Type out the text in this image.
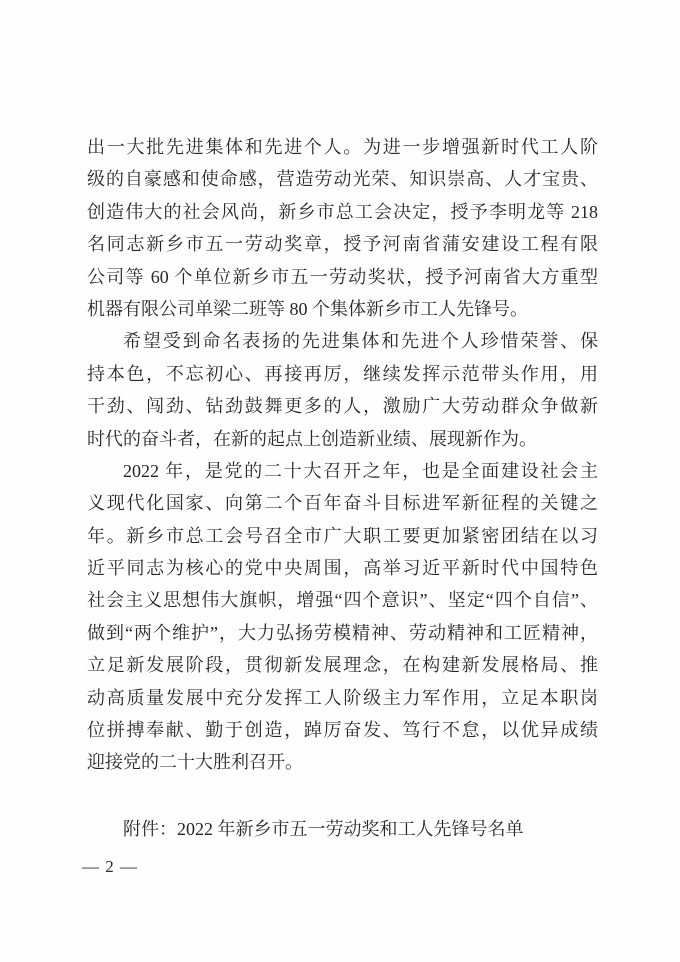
出一大批先进集体和先进个人。为进一步增强新时代工人阶
级的自豪感和使命感，营造劳动光荣、知识崇高、人才宝贵、
创造伟大的社会风尚，新乡市总工会决定，授予李明龙等 218
名同志新乡市五一劳动奖章，授予河南省蒲安建设工程有限
公司等 60 个单位新乡市五一劳动奖状，授予河南省大方重型
机器有限公司单梁二班等 80 个集体新乡市工人先锋号。
希望受到命名表扬的先进集体和先进个人珍惜荣誉、保
持本色，不忘初心、再接再厉，继续发挥示范带头作用，用
干劲、闯劲、钻劲鼓舞更多的人，激励广大劳动群众争做新
时代的奋斗者，在新的起点上创造新业绩、展现新作为。
2022 年，是党的二十大召开之年，也是全面建设社会主
义现代化国家、向第二个百年奋斗目标进军新征程的关键之
年。新乡市总工会号召全市广大职工要更加紧密团结在以习
近平同志为核心的党中央周围，高举习近平新时代中国特色
社会主义思想伟大旗帜，增强“四个意识”、坚定“四个自信”、
做到“两个维护”，大力弘扬劳模精神、劳动精神和工匠精神，
立足新发展阶段，贯彻新发展理念，在构建新发展格局、推
动高质量发展中充分发挥工人阶级主力军作用，立足本职岗
位拼搏奉献、勤于创造，踔厉奋发、笃行不怠，以优异成绩
迎接党的二十大胜利召开。
附件：2022 年新乡市五一劳动奖和工人先锋号名单
— 2 —
